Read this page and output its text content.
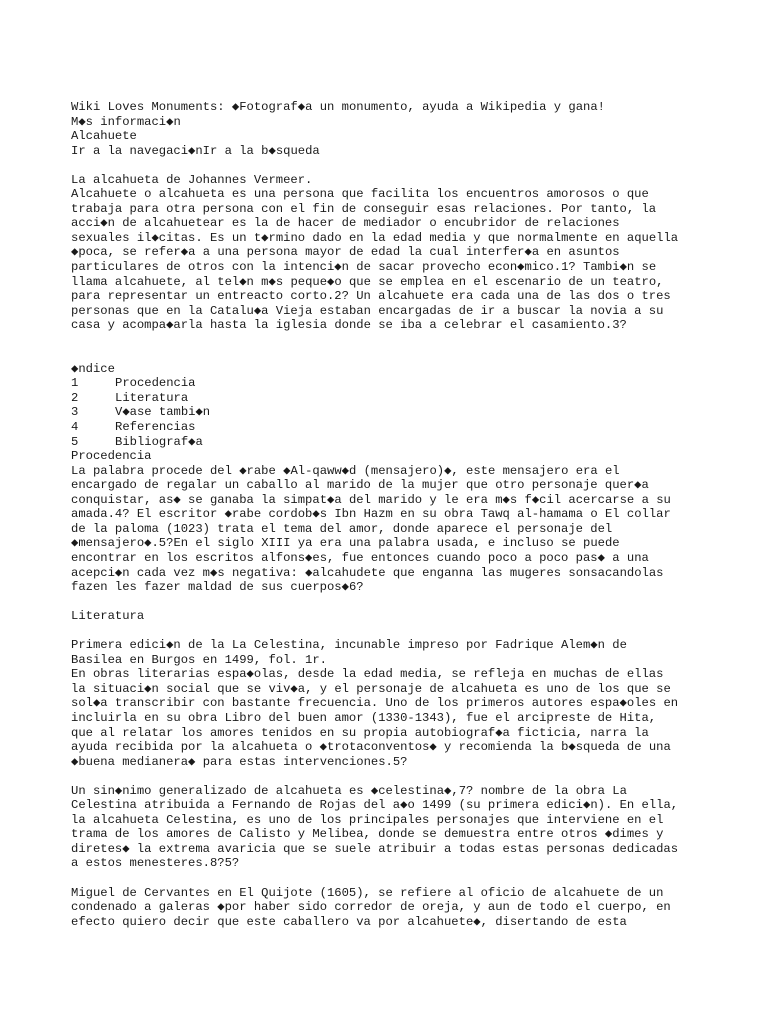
Wiki Loves Monuments: ◆Fotograf◆a un monumento, ayuda a Wikipedia y gana!
M◆s informaci◆n
Alcahuete
Ir a la navegaci◆nIr a la b◆squeda
La alcahueta de Johannes Vermeer.
Alcahuete o alcahueta es una persona que facilita los encuentros amorosos o que
trabaja para otra persona con el fin de conseguir esas relaciones. Por tanto, la
acci◆n de alcahuetear es la de hacer de mediador o encubridor de relaciones
sexuales il◆citas. Es un t◆rmino dado en la edad media y que normalmente en aquella
◆poca, se refer◆a a una persona mayor de edad la cual interfer◆a en asuntos
particulares de otros con la intenci◆n de sacar provecho econ◆mico.1? Tambi◆n se
llama alcahuete, al tel◆n m◆s peque◆o que se emplea en el escenario de un teatro,
para representar un entreacto corto.2? Un alcahuete era cada una de las dos o tres
personas que en la Catalu◆a Vieja estaban encargadas de ir a buscar la novia a su
casa y acompa◆arla hasta la iglesia donde se iba a celebrar el casamiento.3?
◆ndice
1	Procedencia
2	Literatura
3	V◆ase tambi◆n
4	Referencias
5	Bibliograf◆a
Procedencia
La palabra procede del ◆rabe ◆Al-qaww◆d (mensajero)◆, este mensajero era el
encargado de regalar un caballo al marido de la mujer que otro personaje quer◆a
conquistar, as◆ se ganaba la simpat◆a del marido y le era m◆s f◆cil acercarse a su
amada.4? El escritor ◆rabe cordob◆s Ibn Hazm en su obra Tawq al-hamama o El collar
de la paloma (1023) trata el tema del amor, donde aparece el personaje del
◆mensajero◆.5?En el siglo XIII ya era una palabra usada, e incluso se puede
encontrar en los escritos alfons◆es, fue entonces cuando poco a poco pas◆ a una
acepci◆n cada vez m◆s negativa: ◆alcahudete que enganna las mugeres sonsacandolas
fazen les fazer maldad de sus cuerpos◆6?
Literatura
Primera edici◆n de la La Celestina, incunable impreso por Fadrique Alem◆n de
Basilea en Burgos en 1499, fol. 1r.
En obras literarias espa◆olas, desde la edad media, se refleja en muchas de ellas
la situaci◆n social que se viv◆a, y el personaje de alcahueta es uno de los que se
sol◆a transcribir con bastante frecuencia. Uno de los primeros autores espa◆oles en
incluirla en su obra Libro del buen amor (1330-1343), fue el arcipreste de Hita,
que al relatar los amores tenidos en su propia autobiograf◆a ficticia, narra la
ayuda recibida por la alcahueta o ◆trotaconventos◆ y recomienda la b◆squeda de una
◆buena medianera◆ para estas intervenciones.5?
Un sin◆nimo generalizado de alcahueta es ◆celestina◆,7? nombre de la obra La
Celestina atribuida a Fernando de Rojas del a◆o 1499 (su primera edici◆n). En ella,
la alcahueta Celestina, es uno de los principales personajes que interviene en el
trama de los amores de Calisto y Melibea, donde se demuestra entre otros ◆dimes y
diretes◆ la extrema avaricia que se suele atribuir a todas estas personas dedicadas
a estos menesteres.8?5?
Miguel de Cervantes en El Quijote (1605), se refiere al oficio de alcahuete de un
condenado a galeras ◆por haber sido corredor de oreja, y aun de todo el cuerpo, en
efecto quiero decir que este caballero va por alcahuete◆, disertando de esta
